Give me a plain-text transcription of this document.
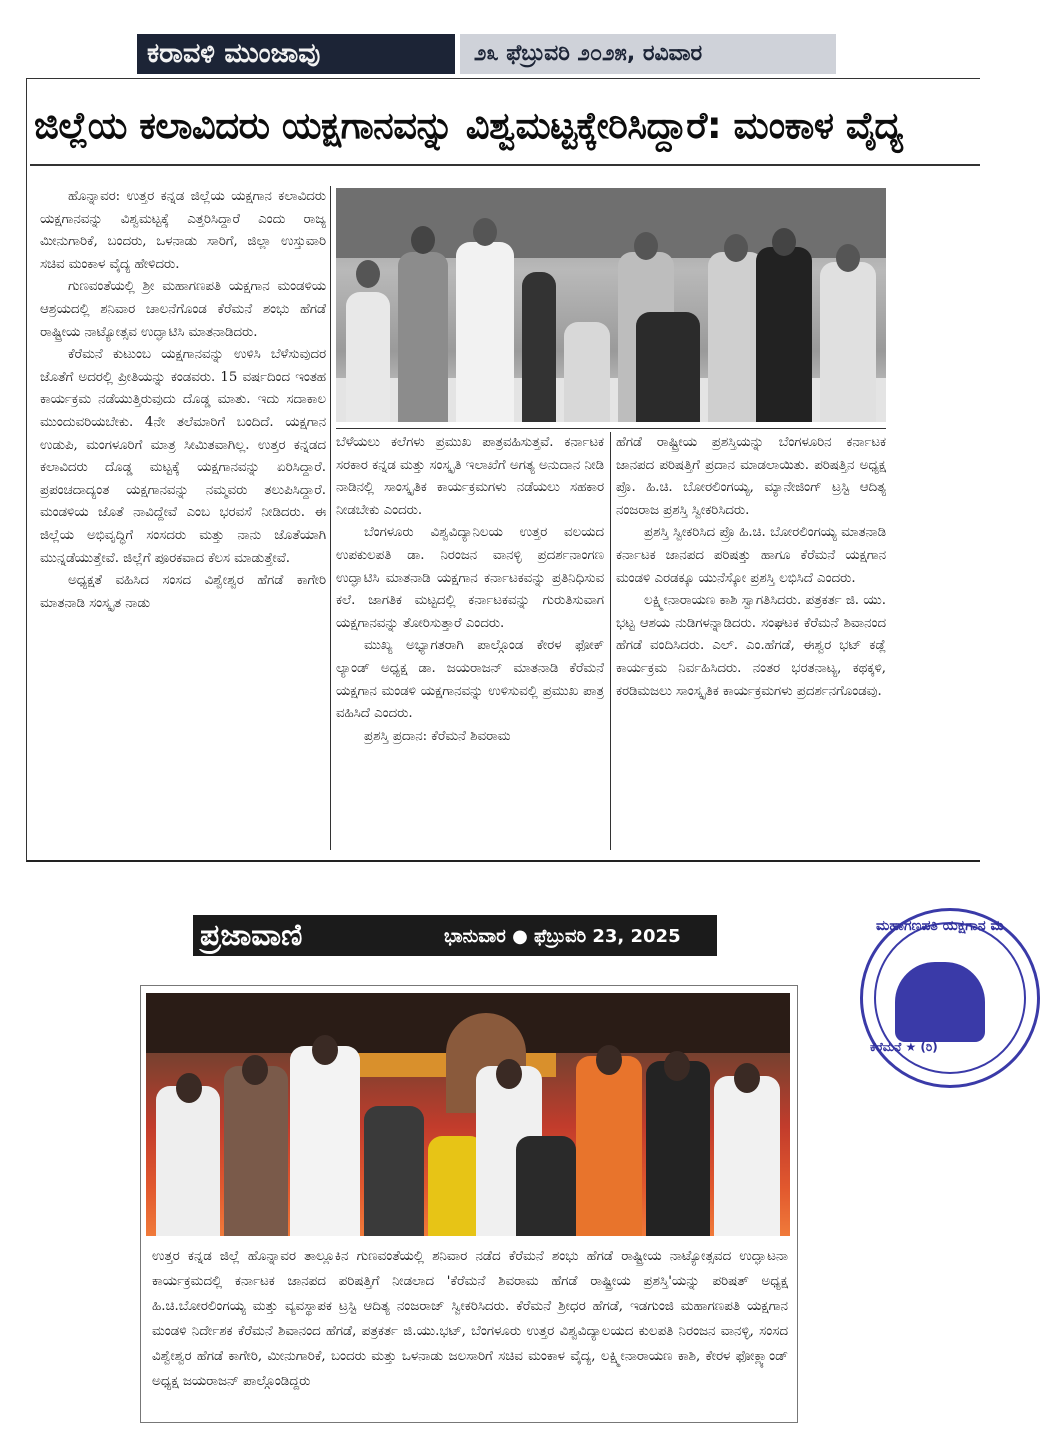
ಕರಾವಳಿ ಮುಂಜಾವು	೨೩ ಫೆಬ್ರುವರಿ ೨೦೨೫, ರವಿವಾರ
ಜಿಲ್ಲೆಯ ಕಲಾವಿದರು ಯಕ್ಷಗಾನವನ್ನು ವಿಶ್ವಮಟ್ಟಕ್ಕೇರಿಸಿದ್ದಾರೆ: ಮಂಕಾಳ ವೈದ್ಯ

ಹೊನ್ನಾವರ: ಉತ್ತರ ಕನ್ನಡ ಜಿಲ್ಲೆಯ ಯಕ್ಷಗಾನ ಕಲಾವಿದರು ಯಕ್ಷಗಾನವನ್ನು ವಿಶ್ವಮಟ್ಟಕ್ಕೆ ಎತ್ತರಿಸಿದ್ದಾರೆ ಎಂದು ರಾಜ್ಯ ಮೀನುಗಾರಿಕೆ, ಬಂದರು, ಒಳನಾಡು ಸಾರಿಗೆ, ಜಿಲ್ಲಾ ಉಸ್ತುವಾರಿ ಸಚಿವ ಮಂಕಾಳ ವೈದ್ಯ ಹೇಳಿದರು.

ಗುಣವಂತೆಯಲ್ಲಿ ಶ್ರೀ ಮಹಾಗಣಪತಿ ಯಕ್ಷಗಾನ ಮಂಡಳಿಯ ಆಶ್ರಯದಲ್ಲಿ ಶನಿವಾರ ಚಾಲನೆಗೊಂಡ ಕೆರೆಮನೆ ಶಂಭು ಹೆಗಡೆ ರಾಷ್ಟ್ರೀಯ ನಾಟ್ಯೋತ್ಸವ ಉದ್ಘಾಟಿಸಿ ಮಾತನಾಡಿದರು.

ಕೆರೆಮನೆ ಕುಟುಂಬ ಯಕ್ಷಗಾನವನ್ನು ಉಳಿಸಿ ಬೆಳೆಸುವುದರ ಜೊತೆಗೆ ಅದರಲ್ಲಿ ಪ್ರೀತಿಯನ್ನು ಕಂಡವರು. 15 ವರ್ಷದಿಂದ ಇಂತಹ ಕಾರ್ಯಕ್ರಮ ನಡೆಯುತ್ತಿರುವುದು ದೊಡ್ಡ ಮಾತು. ಇದು ಸದಾಕಾಲ ಮುಂದುವರಿಯಬೇಕು. 4ನೇ ತಲೆಮಾರಿಗೆ ಬಂದಿದೆ. ಯಕ್ಷಗಾನ ಉಡುಪಿ, ಮಂಗಳೂರಿಗೆ ಮಾತ್ರ ಸೀಮಿತವಾಗಿಲ್ಲ. ಉತ್ತರ ಕನ್ನಡದ ಕಲಾವಿದರು ದೊಡ್ಡ ಮಟ್ಟಕ್ಕೆ ಯಕ್ಷಗಾನವನ್ನು ಏರಿಸಿದ್ದಾರೆ. ಪ್ರಪಂಚದಾದ್ಯಂತ ಯಕ್ಷಗಾನವನ್ನು ನಮ್ಮವರು ತಲುಪಿಸಿದ್ದಾರೆ. ಮಂಡಳಿಯ ಜೊತೆ ನಾವಿದ್ದೇವೆ ಎಂಬ ಭರವಸೆ ನೀಡಿದರು. ಈ ಜಿಲ್ಲೆಯ ಅಭಿವೃದ್ಧಿಗೆ ಸಂಸದರು ಮತ್ತು ನಾನು ಜೊತೆಯಾಗಿ ಮುನ್ನಡೆಯುತ್ತೇವೆ. ಜಿಲ್ಲೆಗೆ ಪೂರಕವಾದ ಕೆಲಸ ಮಾಡುತ್ತೇವೆ.

ಅಧ್ಯಕ್ಷತೆ ವಹಿಸಿದ ಸಂಸದ ವಿಶ್ವೇಶ್ವರ ಹೆಗಡೆ ಕಾಗೇರಿ ಮಾತನಾಡಿ ಸಂಸ್ಕೃತ ನಾಡು

ಬೆಳೆಯಲು ಕಲೆಗಳು ಪ್ರಮುಖ ಪಾತ್ರವಹಿಸುತ್ತವೆ. ಕರ್ನಾಟಕ ಸರಕಾರ ಕನ್ನಡ ಮತ್ತು ಸಂಸ್ಕೃತಿ ಇಲಾಖೆಗೆ ಅಗತ್ಯ ಅನುದಾನ ನೀಡಿ ನಾಡಿನಲ್ಲಿ ಸಾಂಸ್ಕೃತಿಕ ಕಾರ್ಯಕ್ರಮಗಳು ನಡೆಯಲು ಸಹಕಾರ ನೀಡಬೇಕು ಎಂದರು.

ಬೆಂಗಳೂರು ವಿಶ್ವವಿದ್ಯಾನಿಲಯ ಉತ್ತರ ವಲಯದ ಉಪಕುಲಪತಿ ಡಾ. ನಿರಂಜನ ವಾನಳ್ಳಿ ಪ್ರದರ್ಶನಾಂಗಣ ಉದ್ಘಾಟಿಸಿ ಮಾತನಾಡಿ ಯಕ್ಷಗಾನ ಕರ್ನಾಟಕವನ್ನು ಪ್ರತಿನಿಧಿಸುವ ಕಲೆ. ಜಾಗತಿಕ ಮಟ್ಟದಲ್ಲಿ ಕರ್ನಾಟಕವನ್ನು ಗುರುತಿಸುವಾಗ ಯಕ್ಷಗಾನವನ್ನು ತೋರಿಸುತ್ತಾರೆ ಎಂದರು.

ಮುಖ್ಯ ಅಭ್ಯಾಗತರಾಗಿ ಪಾಲ್ಗೊಂಡ ಕೇರಳ ಫೋಕ್ ಲ್ಯಾಂಡ್ ಅಧ್ಯಕ್ಷ ಡಾ. ಜಯರಾಜನ್ ಮಾತನಾಡಿ ಕೆರೆಮನೆ ಯಕ್ಷಗಾನ ಮಂಡಳಿ ಯಕ್ಷಗಾನವನ್ನು ಉಳಿಸುವಲ್ಲಿ ಪ್ರಮುಖ ಪಾತ್ರ ವಹಿಸಿದೆ ಎಂದರು.

ಪ್ರಶಸ್ತಿ ಪ್ರದಾನ: ಕೆರೆಮನೆ ಶಿವರಾಮ

ಹೆಗಡೆ ರಾಷ್ಟ್ರೀಯ ಪ್ರಶಸ್ತಿಯನ್ನು ಬೆಂಗಳೂರಿನ ಕರ್ನಾಟಕ ಜಾನಪದ ಪರಿಷತ್ತಿಗೆ ಪ್ರದಾನ ಮಾಡಲಾಯಿತು. ಪರಿಷತ್ತಿನ ಅಧ್ಯಕ್ಷ ಪ್ರೊ. ಹಿ.ಚಿ. ಬೋರಲಿಂಗಯ್ಯ, ಮ್ಯಾನೇಜಿಂಗ್ ಟ್ರಸ್ಟಿ ಆದಿತ್ಯ ನಂಜರಾಜ ಪ್ರಶಸ್ತಿ ಸ್ವೀಕರಿಸಿದರು.

ಪ್ರಶಸ್ತಿ ಸ್ವೀಕರಿಸಿದ ಪ್ರೊ ಹಿ.ಚಿ. ಬೋರಲಿಂಗಯ್ಯ ಮಾತನಾಡಿ ಕರ್ನಾಟಕ ಜಾನಪದ ಪರಿಷತ್ತು ಹಾಗೂ ಕೆರೆಮನೆ ಯಕ್ಷಗಾನ ಮಂಡಳಿ ಎರಡಕ್ಕೂ ಯುನೆಸ್ಕೋ ಪ್ರಶಸ್ತಿ ಲಭಿಸಿದೆ ಎಂದರು.

ಲಕ್ಷ್ಮೀನಾರಾಯಣ ಕಾಶಿ ಸ್ವಾಗತಿಸಿದರು. ಪತ್ರಕರ್ತ ಜಿ. ಯು. ಭಟ್ಟ ಆಶಯ ನುಡಿಗಳನ್ನಾಡಿದರು. ಸಂಘಟಕ ಕೆರೆಮನೆ ಶಿವಾನಂದ ಹೆಗಡೆ ವಂದಿಸಿದರು. ಎಲ್. ಎಂ.ಹೆಗಡೆ, ಈಶ್ವರ ಭಟ್ ಕಡ್ಲೆ ಕಾರ್ಯಕ್ರಮ ನಿರ್ವಹಿಸಿದರು. ನಂತರ ಭರತನಾಟ್ಯ, ಕಥಕ್ಕಳಿ, ಕರಡಿಮಜಲು ಸಾಂಸ್ಕೃತಿಕ ಕಾರ್ಯಕ್ರಮಗಳು ಪ್ರದರ್ಶನಗೊಂಡವು.

ಪ್ರಜಾವಾಣಿ	ಭಾನುವಾರ ● ಫೆಬ್ರುವರಿ 23, 2025
ಉತ್ತರ ಕನ್ನಡ ಜಿಲ್ಲೆ ಹೊನ್ನಾವರ ತಾಲ್ಲೂಕಿನ ಗುಣವಂತೆಯಲ್ಲಿ ಶನಿವಾರ ನಡೆದ ಕೆರೆಮನೆ ಶಂಭು ಹೆಗಡೆ ರಾಷ್ಟ್ರೀಯ ನಾಟ್ಯೋತ್ಸವದ ಉದ್ಘಾಟನಾ ಕಾರ್ಯಕ್ರಮದಲ್ಲಿ ಕರ್ನಾಟಕ ಜಾನಪದ ಪರಿಷತ್ತಿಗೆ ನೀಡಲಾದ 'ಕೆರೆಮನೆ ಶಿವರಾಮ ಹೆಗಡೆ ರಾಷ್ಟ್ರೀಯ ಪ್ರಶಸ್ತಿ'ಯನ್ನು ಪರಿಷತ್ ಅಧ್ಯಕ್ಷ ಹಿ.ಚಿ.ಬೋರಲಿಂಗಯ್ಯ ಮತ್ತು ವ್ಯವಸ್ಥಾಪಕ ಟ್ರಸ್ಟಿ ಆದಿತ್ಯ ನಂಜರಾಜ್ ಸ್ವೀಕರಿಸಿದರು. ಕೆರೆಮನೆ ಶ್ರೀಧರ ಹೆಗಡೆ, ಇಡಗುಂಜಿ ಮಹಾಗಣಪತಿ ಯಕ್ಷಗಾನ ಮಂಡಳಿ ನಿರ್ದೇಶಕ ಕೆರೆಮನೆ ಶಿವಾನಂದ ಹೆಗಡೆ, ಪತ್ರಕರ್ತ ಜಿ.ಯು.ಭಟ್, ಬೆಂಗಳೂರು ಉತ್ತರ ವಿಶ್ವವಿದ್ಯಾಲಯದ ಕುಲಪತಿ ನಿರಂಜನ ವಾನಳ್ಳಿ, ಸಂಸದ ವಿಶ್ವೇಶ್ವರ ಹೆಗಡೆ ಕಾಗೇರಿ, ಮೀನುಗಾರಿಕೆ, ಬಂದರು ಮತ್ತು ಒಳನಾಡು ಜಲಸಾರಿಗೆ ಸಚಿವ ಮಂಕಾಳ ವೈದ್ಯ, ಲಕ್ಷ್ಮೀನಾರಾಯಣ ಕಾಶಿ, ಕೇರಳ ಫೋಕ್ಲ್ಯಾಂಡ್ ಅಧ್ಯಕ್ಷ ಜಯರಾಜನ್ ಪಾಲ್ಗೊಂಡಿದ್ದರು
ಮಹಾಗಣಪತಿ ಯಕ್ಷಗಾನ ಮ
ಕೆರೆಮನೆ ★ (ರಿ)
